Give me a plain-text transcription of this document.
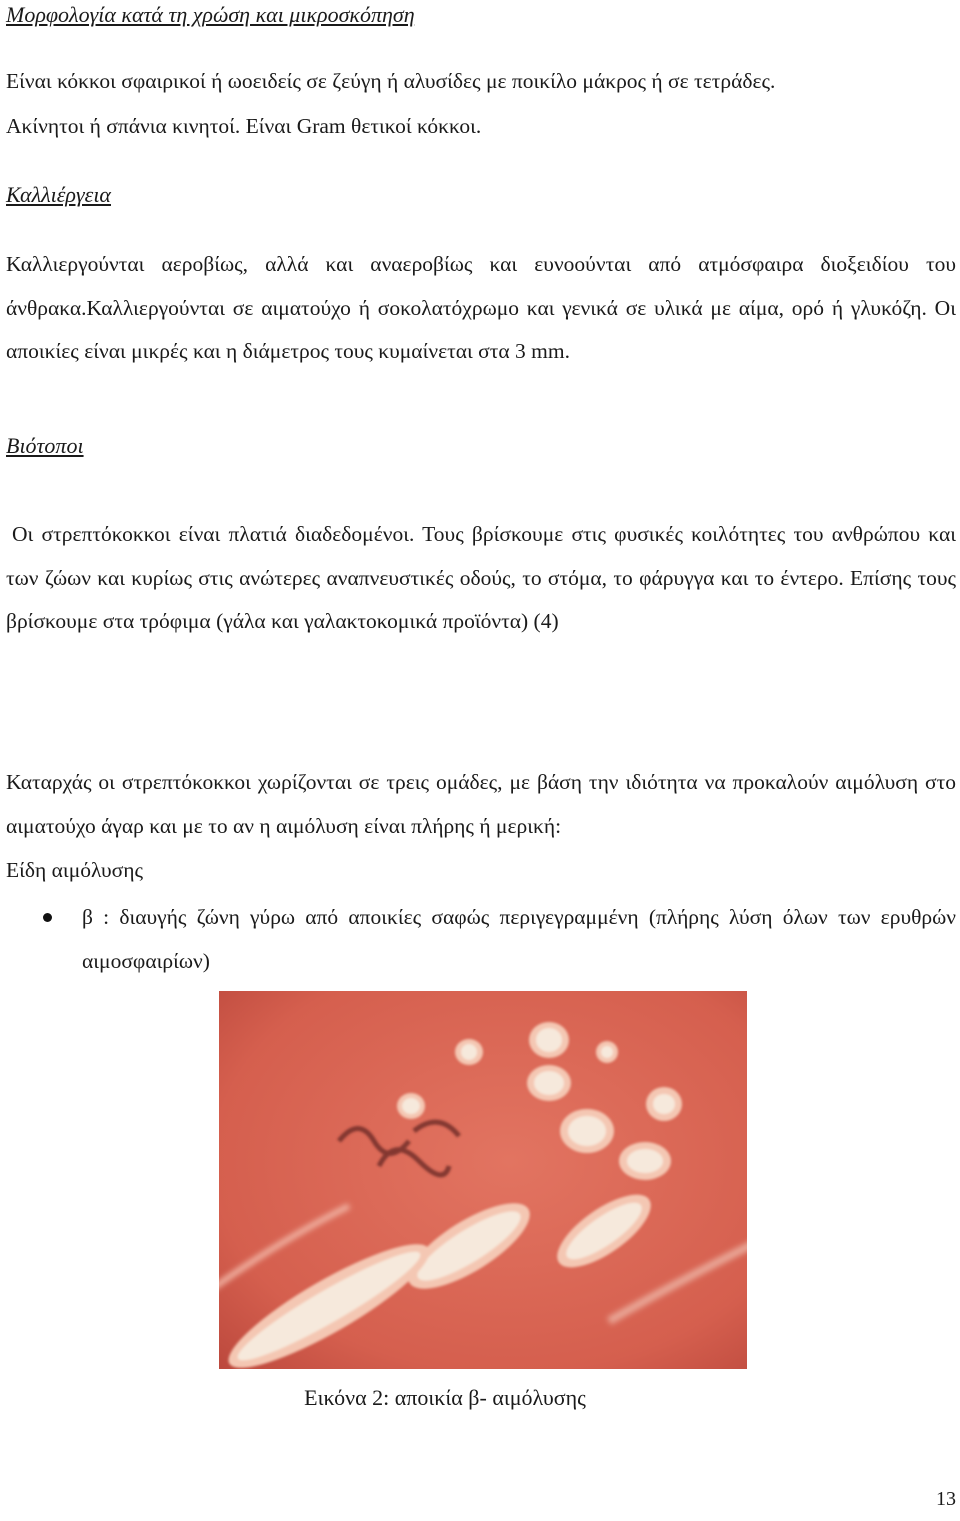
Μορφολογία κατά τη χρώση και μικροσκόπηση
Είναι κόκκοι σφαιρικοί ή ωοειδείς σε ζεύγη ή αλυσίδες με ποικίλο μάκρος ή σε τετράδες.
Ακίνητοι ή σπάνια κινητοί. Είναι Gram θετικοί κόκκοι.
Καλλιέργεια
Καλλιεργούνται αεροβίως, αλλά και αναεροβίως και ευνοούνται από ατμόσφαιρα διοξειδίου του άνθρακα.Καλλιεργούνται σε αιματούχο ή σοκολατόχρωμο και γενικά σε υλικά με αίμα, ορό ή γλυκόζη. Οι αποικίες είναι μικρές και η διάμετρος τους κυμαίνεται στα 3 mm.
Βιότοποι
Οι στρεπτόκοκκοι είναι πλατιά διαδεδομένοι. Τους βρίσκουμε στις φυσικές κοιλότητες του ανθρώπου και των ζώων και κυρίως στις ανώτερες αναπνευστικές οδούς, το στόμα, το φάρυγγα και το έντερο. Επίσης τους βρίσκουμε στα τρόφιμα (γάλα και γαλακτοκομικά προϊόντα) (4)
Καταρχάς οι στρεπτόκοκκοι χωρίζονται σε τρεις ομάδες, με βάση την ιδιότητα να προκαλούν αιμόλυση στο αιματούχο άγαρ και με το αν η αιμόλυση είναι πλήρης ή μερική:
Είδη αιμόλυσης
β : διαυγής ζώνη γύρω από αποικίες σαφώς περιγεγραμμένη (πλήρης λύση όλων των ερυθρών αιμοσφαιρίων)
Εικόνα 2: αποικία β- αιμόλυσης
13
